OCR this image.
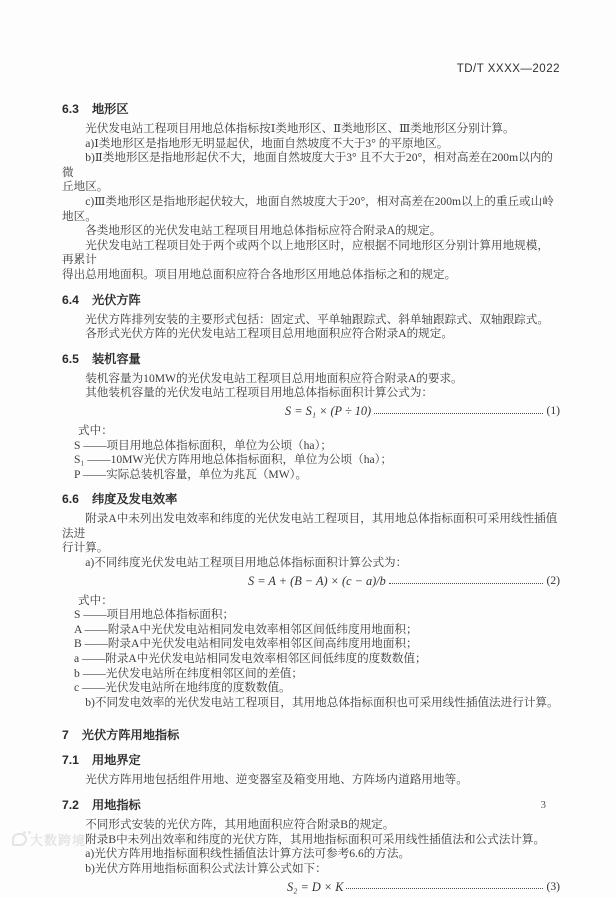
TD/T XXXX—2022
6.3 地形区

光伏发电站工程项目用地总体指标按Ⅰ类地形区、Ⅱ类地形区、Ⅲ类地形区分别计算。

a)Ⅰ类地形区是指地形无明显起伏，地面自然坡度不大于3° 的平原地区。

b)Ⅱ类地形区是指地形起伏不大，地面自然坡度大于3° 且不大于20°，相对高差在200m以内的微

丘地区。

c)Ⅲ类地形区是指地形起伏较大，地面自然坡度大于20°，相对高差在200m以上的重丘或山岭地区。

各类地形区的光伏发电站工程项目用地总体指标应符合附录A的规定。

光伏发电站工程项目处于两个或两个以上地形区时，应根据不同地形区分别计算用地规模，再累计

得出总用地面积。项目用地总面积应符合各地形区用地总体指标之和的规定。

6.4 光伏方阵

光伏方阵排列安装的主要形式包括：固定式、平单轴跟踪式、斜单轴跟踪式、双轴跟踪式。

各形式光伏方阵的光伏发电站工程项目总用地面积应符合附录A的规定。

6.5 装机容量

装机容量为10MW的光伏发电站工程项目总用地面积应符合附录A的要求。

其他装机容量的光伏发电站工程项目用地总体指标面积计算公式为：

S = S₁ × (P ÷ 10)	(1)

式中：

S ——项目用地总体指标面积，单位为公顷（ha）；

S₁ ——10MW光伏方阵用地总体指标面积，单位为公顷（ha）；

P ——实际总装机容量，单位为兆瓦（MW）。

6.6 纬度及发电效率

附录A中未列出发电效率和纬度的光伏发电站工程项目，其用地总体指标面积可采用线性插值法进

行计算。

a)不同纬度光伏发电站工程项目用地总体指标面积计算公式为：

S = A + (B − A) × (c − a)/b	(2)

式中：

S ——项目用地总体指标面积；

A ——附录A中光伏发电站相同发电效率相邻区间低纬度用地面积；

B ——附录A中光伏发电站相同发电效率相邻区间高纬度用地面积；

a ——附录A中光伏发电站相同发电效率相邻区间低纬度的度数数值；

b ——光伏发电站所在纬度相邻区间的差值；

c ——光伏发电站所在地纬度的度数数值。

b)不同发电效率的光伏发电站工程项目，其用地总体指标面积也可采用线性插值法进行计算。

7 光伏方阵用地指标
7.1 用地界定

光伏方阵用地包括组件用地、逆变器室及箱变用地、方阵场内道路用地等。

7.2 用地指标

不同形式安装的光伏方阵，其用地面积应符合附录B的规定。

附录B中未列出效率和纬度的光伏方阵，其用地指标面积可采用线性插值法和公式法计算。

a)光伏方阵用地指标面积线性插值法计算方法可参考6.6的方法。

b)光伏方阵用地指标面积公式法计算公式如下：

S₂ = D × K	(3)
3
大数跨境
